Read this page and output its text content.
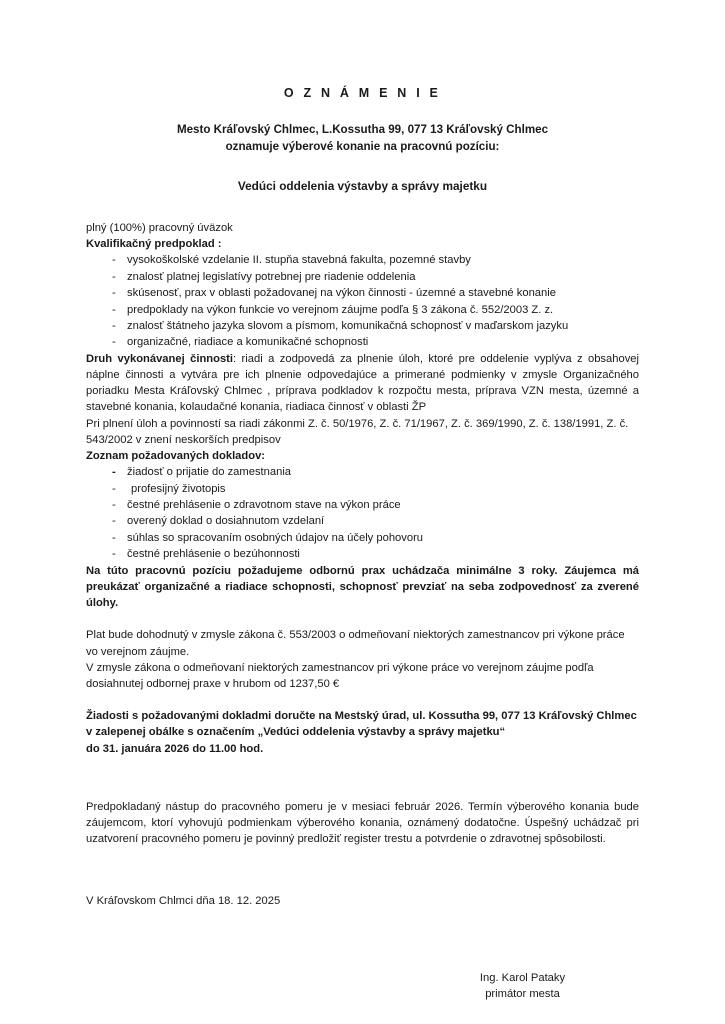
O Z N Á M E N I E
Mesto Kráľovský Chlmec, L.Kossutha 99, 077 13 Kráľovský Chlmec
oznamuje výberové konanie na pracovnú pozíciu:
Vedúci oddelenia výstavby a správy majetku

plný (100%) pracovný úväzok

Kvalifikačný predpoklad :

- vysokoškolské vzdelanie II. stupňa stavebná fakulta, pozemné stavby
- znalosť platnej legislatívy potrebnej pre riadenie oddelenia
- skúsenosť, prax v oblasti požadovanej na výkon činnosti - územné a stavebné konanie
- predpoklady na výkon funkcie vo verejnom záujme podľa § 3 zákona č. 552/2003 Z. z.
- znalosť štátneho jazyka slovom a písmom, komunikačná schopnosť v maďarskom jazyku
- organizačné, riadiace a komunikačné schopnosti

Druh vykonávanej činnosti: riadi a zodpovedá za plnenie úloh, ktoré pre oddelenie vyplýva z obsahovej náplne činnosti a vytvára pre ich plnenie odpovedajúce a primerané podmienky v zmysle Organizačného poriadku Mesta Kráľovský Chlmec , príprava podkladov k rozpočtu mesta, príprava VZN mesta, územné a stavebné konania, kolaudačné konania, riadiaca činnosť v oblasti ŽP

Pri plnení úloh a povinností sa riadi zákonmi Z. č. 50/1976, Z. č. 71/1967, Z. č. 369/1990, Z. č. 138/1991, Z. č. 543/2002 v znení neskorších predpisov

Zoznam požadovaných dokladov:

- žiadosť o prijatie do zamestnania
- profesijný životopis
- čestné prehlásenie o zdravotnom stave na výkon práce
- overený doklad o dosiahnutom vzdelaní
- súhlas so spracovaním osobných údajov na účely pohovoru
- čestné prehlásenie o bezúhonnosti

Na túto pracovnú pozíciu požadujeme odbornú prax uchádzača minimálne 3 roky. Záujemca má preukázať organizačné a riadiace schopnosti, schopnosť prevziať na seba zodpovednosť za zverené úlohy.

Plat bude dohodnutý v zmysle zákona č. 553/2003 o odmeňovaní niektorých zamestnancov pri výkone práce vo verejnom záujme.

V zmysle zákona o odmeňovaní niektorých zamestnancov pri výkone práce vo verejnom záujme podľa

dosiahnutej odbornej praxe v hrubom od 1237,50 €

Žiadosti s požadovanými dokladmi doručte na Mestský úrad, ul. Kossutha 99, 077 13 Kráľovský Chlmec

v zalepenej obálke s označením „Vedúci oddelenia výstavby a správy majetku“

do 31. januára 2026 do 11.00 hod.

Predpokladaný nástup do pracovného pomeru je v mesiaci február 2026. Termín výberového konania bude záujemcom, ktorí vyhovujú podmienkam výberového konania, oznámený dodatočne. Úspešný uchádzač pri uzatvorení pracovného pomeru je povinný predložiť register trestu a potvrdenie o zdravotnej spôsobilosti.

V Kráľovskom Chlmci dňa 18. 12. 2025

Ing. Karol Pataky
primátor mesta
